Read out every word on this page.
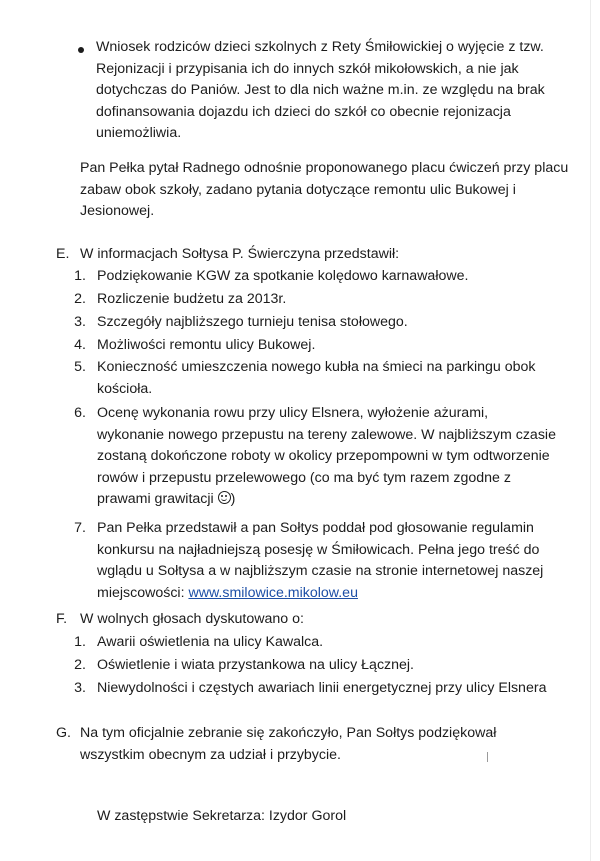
Wniosek rodziców dzieci szkolnych z Rety Śmiłowickiej o wyjęcie z tzw. Rejonizacji i przypisania ich do innych szkół mikołowskich, a nie jak dotychczas do Paniów. Jest to dla nich ważne m.in. ze względu na brak dofinansowania dojazdu ich dzieci do szkół co obecnie rejonizacja uniemożliwia.
Pan Pełka pytał Radnego odnośnie proponowanego placu ćwiczeń przy placu zabaw obok szkoły, zadano pytania dotyczące remontu ulic Bukowej i Jesionowej.
E. W informacjach Sołtysa P. Świerczyna przedstawił:
1. Podziękowanie KGW za spotkanie kolędowo karnawałowe.
2. Rozliczenie budżetu za 2013r.
3. Szczegóły najbliższego turnieju tenisa stołowego.
4. Możliwości remontu ulicy Bukowej.
5. Konieczność umieszczenia nowego kubła na śmieci na parkingu obok kościoła.
6. Ocenę wykonania rowu przy ulicy Elsnera, wyłożenie ażurami, wykonanie nowego przepustu na tereny zalewowe. W najbliższym czasie zostaną dokończone roboty w okolicy przepompowni w tym odtworzenie rowów i przepustu przelewowego (co ma być tym razem zgodne z prawami grawitacji )
7. Pan Pełka przedstawił a pan Sołtys poddał pod głosowanie regulamin konkursu na najładniejszą posesję w Śmiłowicach. Pełna jego treść do wglądu u Sołtysa a w najbliższym czasie na stronie internetowej naszej miejscowości: www.smilowice.mikolow.eu
F. W wolnych głosach dyskutowano o:
1. Awarii oświetlenia na ulicy Kawalca.
2. Oświetlenie i wiata przystankowa na ulicy Łącznej.
3. Niewydolności i częstych awariach linii energetycznej przy ulicy Elsnera
G. Na tym oficjalnie zebranie się zakończyło, Pan Sołtys podziękował wszystkim obecnym za udział i przybycie.
W zastępstwie Sekretarza: Izydor Gorol
